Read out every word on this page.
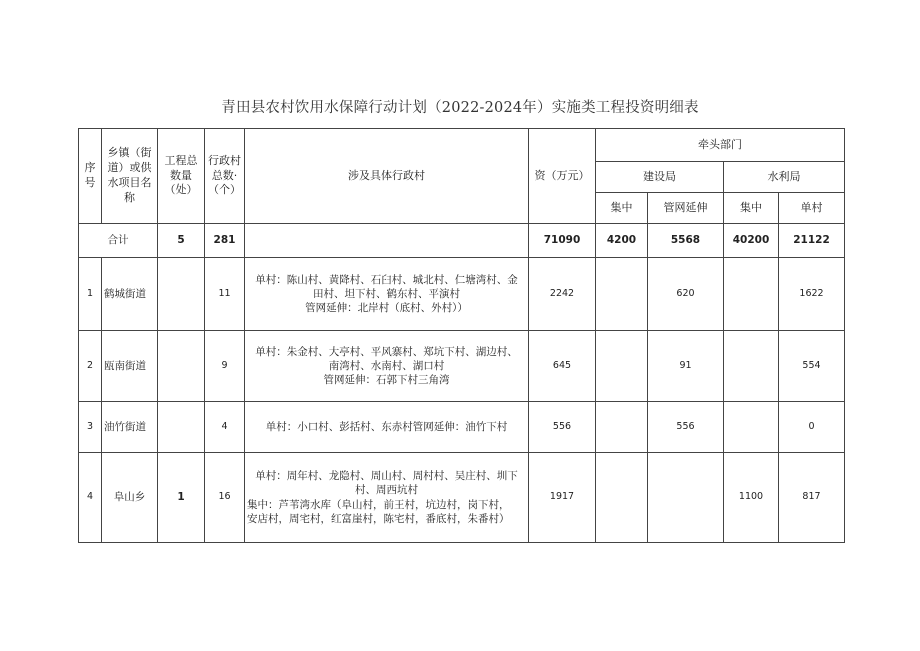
青田县农村饮用水保障行动计划（2022-2024年）实施类工程投资明细表
序号	乡镇（街道）或供水项目名称	工程总数量（处）	行政村总数·（个）	涉及具体行政村	资（万元）	牵头部门			
						建设局		水利局	
						集中	管网延伸	集中	单村
合计		5	281		71090	4200	5568	40200	21122
1	鹤城街道		11	单村：陈山村、黄降村、石臼村、城北村、仁塘湾村、金
田村、坦下村、鹤东村、平演村
管网延伸：北岸村（底村、外村））	2242		620		1622
2	瓯南街道		9	单村：朱金村、大亭村、平风寨村、郑坑下村、湖边村、
南湾村、水南村、湖口村
管网延伸：石郭下村三角湾	645		91		554
3	油竹街道		4	单村：小口村、彭括村、东赤村管网延伸：油竹下村	556		556		0
4	阜山乡	1	16	单村：周年村、龙隐村、周山村、周村村、吴庄村、圳下
村、周西坑村
集中：芦苇湾水库（阜山村，前王村，坑边村，岗下村，
安店村，周宅村，红富崖村，陈宅村，番底村，朱番村）	1917			1100	817
